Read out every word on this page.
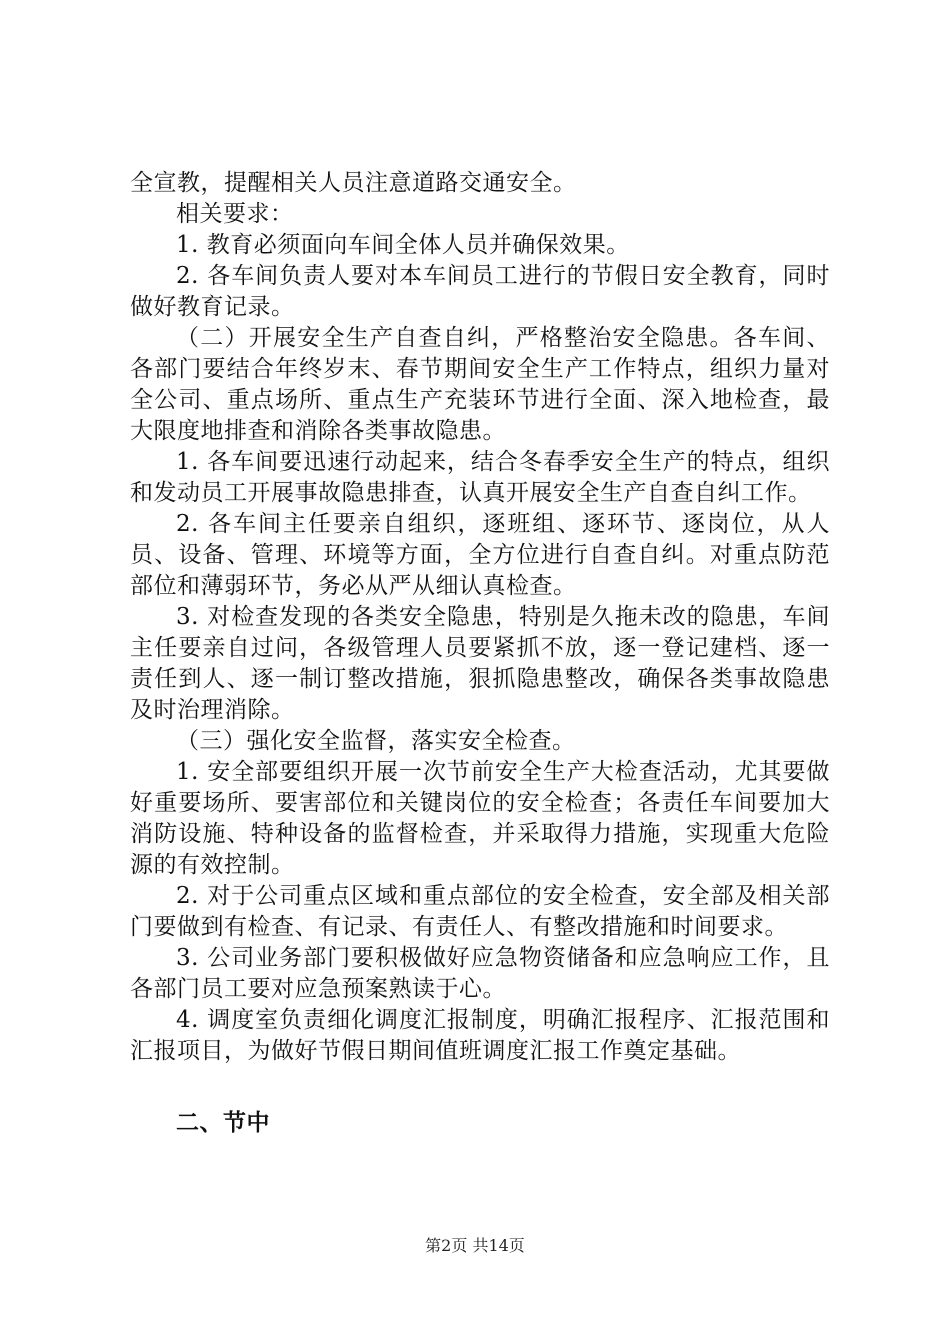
全宣教，提醒相关人员注意道路交通安全。

相关要求：

1. 教育必须面向车间全体人员并确保效果。

2. 各车间负责人要对本车间员工进行的节假日安全教育，同时做好教育记录。

（二）开展安全生产自查自纠，严格整治安全隐患。各车间、各部门要结合年终岁末、春节期间安全生产工作特点，组织力量对全公司、重点场所、重点生产充装环节进行全面、深入地检查，最大限度地排查和消除各类事故隐患。

1. 各车间要迅速行动起来，结合冬春季安全生产的特点，组织和发动员工开展事故隐患排查，认真开展安全生产自查自纠工作。

2. 各车间主任要亲自组织，逐班组、逐环节、逐岗位，从人员、设备、管理、环境等方面，全方位进行自查自纠。对重点防范部位和薄弱环节，务必从严从细认真检查。

3. 对检查发现的各类安全隐患，特别是久拖未改的隐患，车间主任要亲自过问，各级管理人员要紧抓不放，逐一登记建档、逐一责任到人、逐一制订整改措施，狠抓隐患整改，确保各类事故隐患及时治理消除。

（三）强化安全监督，落实安全检查。

1. 安全部要组织开展一次节前安全生产大检查活动，尤其要做好重要场所、要害部位和关键岗位的安全检查；各责任车间要加大消防设施、特种设备的监督检查，并采取得力措施，实现重大危险源的有效控制。

2. 对于公司重点区域和重点部位的安全检查，安全部及相关部门要做到有检查、有记录、有责任人、有整改措施和时间要求。

3. 公司业务部门要积极做好应急物资储备和应急响应工作，且各部门员工要对应急预案熟读于心。

4. 调度室负责细化调度汇报制度，明确汇报程序、汇报范围和汇报项目，为做好节假日期间值班调度汇报工作奠定基础。

二、节中
第2页 共14页
